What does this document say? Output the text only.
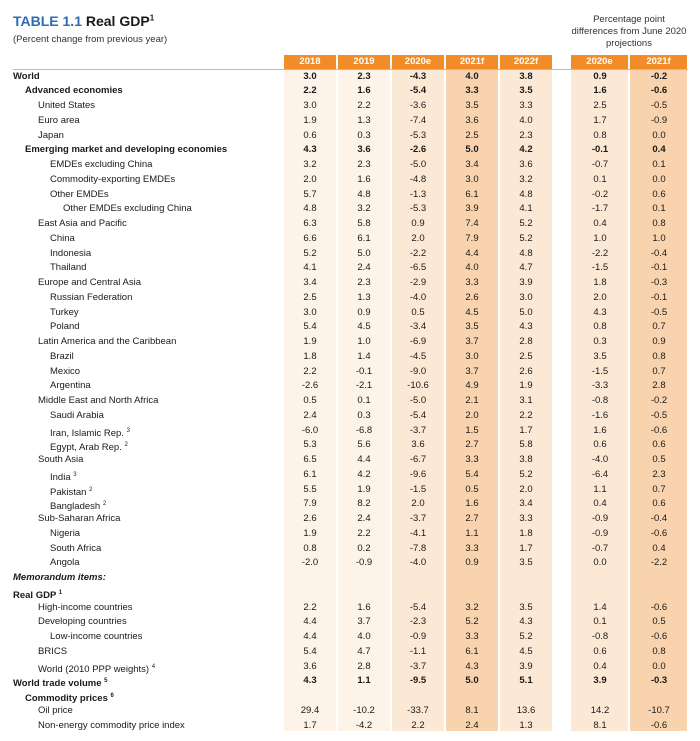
TABLE 1.1 Real GDP$^1$
(Percent change from previous year)
Percentage point differences from June 2020 projections
2018	2019	2020e	2021f	2022f	2020e	2021f
World	3.0	2.3	-4.3	4.0	3.8	0.9	-0.2
Advanced economies	2.2	1.6	-5.4	3.3	3.5	1.6	-0.6
United States	3.0	2.2	-3.6	3.5	3.3	2.5	-0.5
Euro area	1.9	1.3	-7.4	3.6	4.0	1.7	-0.9
Japan	0.6	0.3	-5.3	2.5	2.3	0.8	0.0
Emerging market and developing economies	4.3	3.6	-2.6	5.0	4.2	-0.1	0.4
EMDEs excluding China	3.2	2.3	-5.0	3.4	3.6	-0.7	0.1
Commodity-exporting EMDEs	2.0	1.6	-4.8	3.0	3.2	0.1	0.0
Other EMDEs	5.7	4.8	-1.3	6.1	4.8	-0.2	0.6
Other EMDEs excluding China	4.8	3.2	-5.3	3.9	4.1	-1.7	0.1
East Asia and Pacific	6.3	5.8	0.9	7.4	5.2	0.4	0.8
China	6.6	6.1	2.0	7.9	5.2	1.0	1.0
Indonesia	5.2	5.0	-2.2	4.4	4.8	-2.2	-0.4
Thailand	4.1	2.4	-6.5	4.0	4.7	-1.5	-0.1
Europe and Central Asia	3.4	2.3	-2.9	3.3	3.9	1.8	-0.3
Russian Federation	2.5	1.3	-4.0	2.6	3.0	2.0	-0.1
Turkey	3.0	0.9	0.5	4.5	5.0	4.3	-0.5
Poland	5.4	4.5	-3.4	3.5	4.3	0.8	0.7
Latin America and the Caribbean	1.9	1.0	-6.9	3.7	2.8	0.3	0.9
Brazil	1.8	1.4	-4.5	3.0	2.5	3.5	0.8
Mexico	2.2	-0.1	-9.0	3.7	2.6	-1.5	0.7
Argentina	-2.6	-2.1	-10.6	4.9	1.9	-3.3	2.8
Middle East and North Africa	0.5	0.1	-5.0	2.1	3.1	-0.8	-0.2
Saudi Arabia	2.4	0.3	-5.4	2.0	2.2	-1.6	-0.5
Iran, Islamic Rep. $^3$	-6.0	-6.8	-3.7	1.5	1.7	1.6	-0.6
Egypt, Arab Rep. $^2$	5.3	5.6	3.6	2.7	5.8	0.6	0.6
South Asia	6.5	4.4	-6.7	3.3	3.8	-4.0	0.5
India $^3$	6.1	4.2	-9.6	5.4	5.2	-6.4	2.3
Pakistan $^2$	5.5	1.9	-1.5	0.5	2.0	1.1	0.7
Bangladesh $^2$	7.9	8.2	2.0	1.6	3.4	0.4	0.6
Sub-Saharan Africa	2.6	2.4	-3.7	2.7	3.3	-0.9	-0.4
Nigeria	1.9	2.2	-4.1	1.1	1.8	-0.9	-0.6
South Africa	0.8	0.2	-7.8	3.3	1.7	-0.7	0.4
Angola	-2.0	-0.9	-4.0	0.9	3.5	0.0	-2.2
Memorandum items:
Real GDP $^1$
High-income countries	2.2	1.6	-5.4	3.2	3.5	1.4	-0.6
Developing countries	4.4	3.7	-2.3	5.2	4.3	0.1	0.5
Low-income countries	4.4	4.0	-0.9	3.3	5.2	-0.8	-0.6
BRICS	5.4	4.7	-1.1	6.1	4.5	0.6	0.8
World (2010 PPP weights) $^4$	3.6	2.8	-3.7	4.3	3.9	0.4	0.0
World trade volume $^5$	4.3	1.1	-9.5	5.0	5.1	3.9	-0.3
Commodity prices $^6$
Oil price	29.4	-10.2	-33.7	8.1	13.6	14.2	-10.7
Non-energy commodity price index	1.7	-4.2	2.2	2.4	1.3	8.1	-0.6
